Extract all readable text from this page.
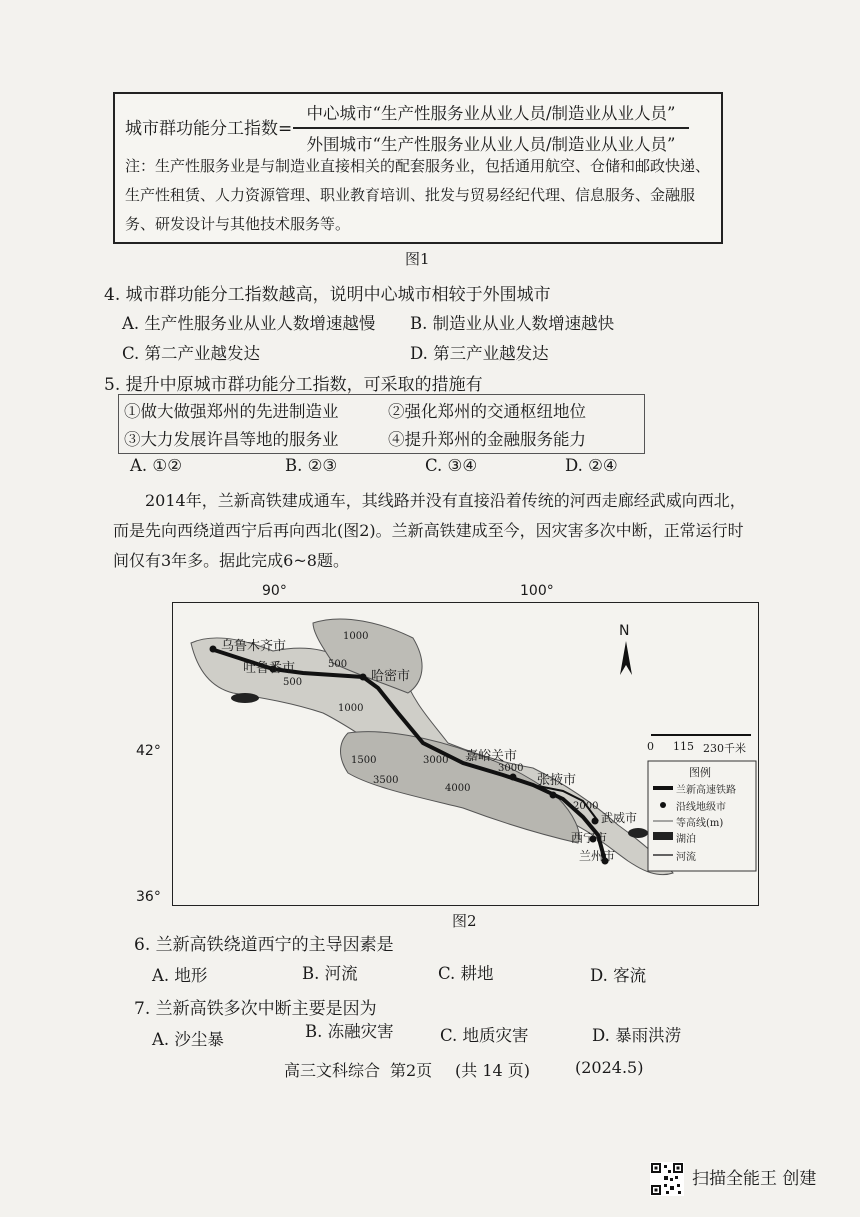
城市群功能分工指数=
中心城市“生产性服务业从业人员/制造业从业人员”
外围城市“生产性服务业从业人员/制造业从业人员”
注：生产性服务业是与制造业直接相关的配套服务业，包括通用航空、仓储和邮政快递、生产性租赁、人力资源管理、职业教育培训、批发与贸易经纪代理、信息服务、金融服务、研发设计与其他技术服务等。
图1
4. 城市群功能分工指数越高，说明中心城市相较于外围城市
A. 生产性服务业从业人数增速越慢 B. 制造业从业人数增速越快
C. 第二产业越发达	D. 第三产业越发达
5. 提升中原城市群功能分工指数，可采取的措施有
①做大做强郑州的先进制造业	②强化郑州的交通枢纽地位
③大力发展许昌等地的服务业	④提升郑州的金融服务能力
A. ①②	B. ②③	C. ③④	D. ②④
2014年，兰新高铁建成通车，其线路并没有直接沿着传统的河西走廊经武威向西北，而是先向西绕道西宁后再向西北(图2)。兰新高铁建成至今，因灾害多次中断，正常运行时间仅有3年多。据此完成6~8题。
90°	100°
42°
36°
乌鲁木齐市
吐鲁番市
哈密市
嘉峪关市
张掖市
武威市
西宁市
兰州市
1000
500
500
1000
1500	3000
3500
4000
2000
3000
N
0 115 230千米
图例
兰新高速铁路
沿线地级市
等高线(m)
湖泊
河流
图2
6. 兰新高铁绕道西宁的主导因素是
A. 地形	B. 河流	C. 耕地	D. 客流
7. 兰新高铁多次中断主要是因为
A. 沙尘暴	B. 冻融灾害	C. 地质灾害	D. 暴雨洪涝
高三文科综合 第2页 (共 14 页)	(2024.5)
扫描全能王 创建
